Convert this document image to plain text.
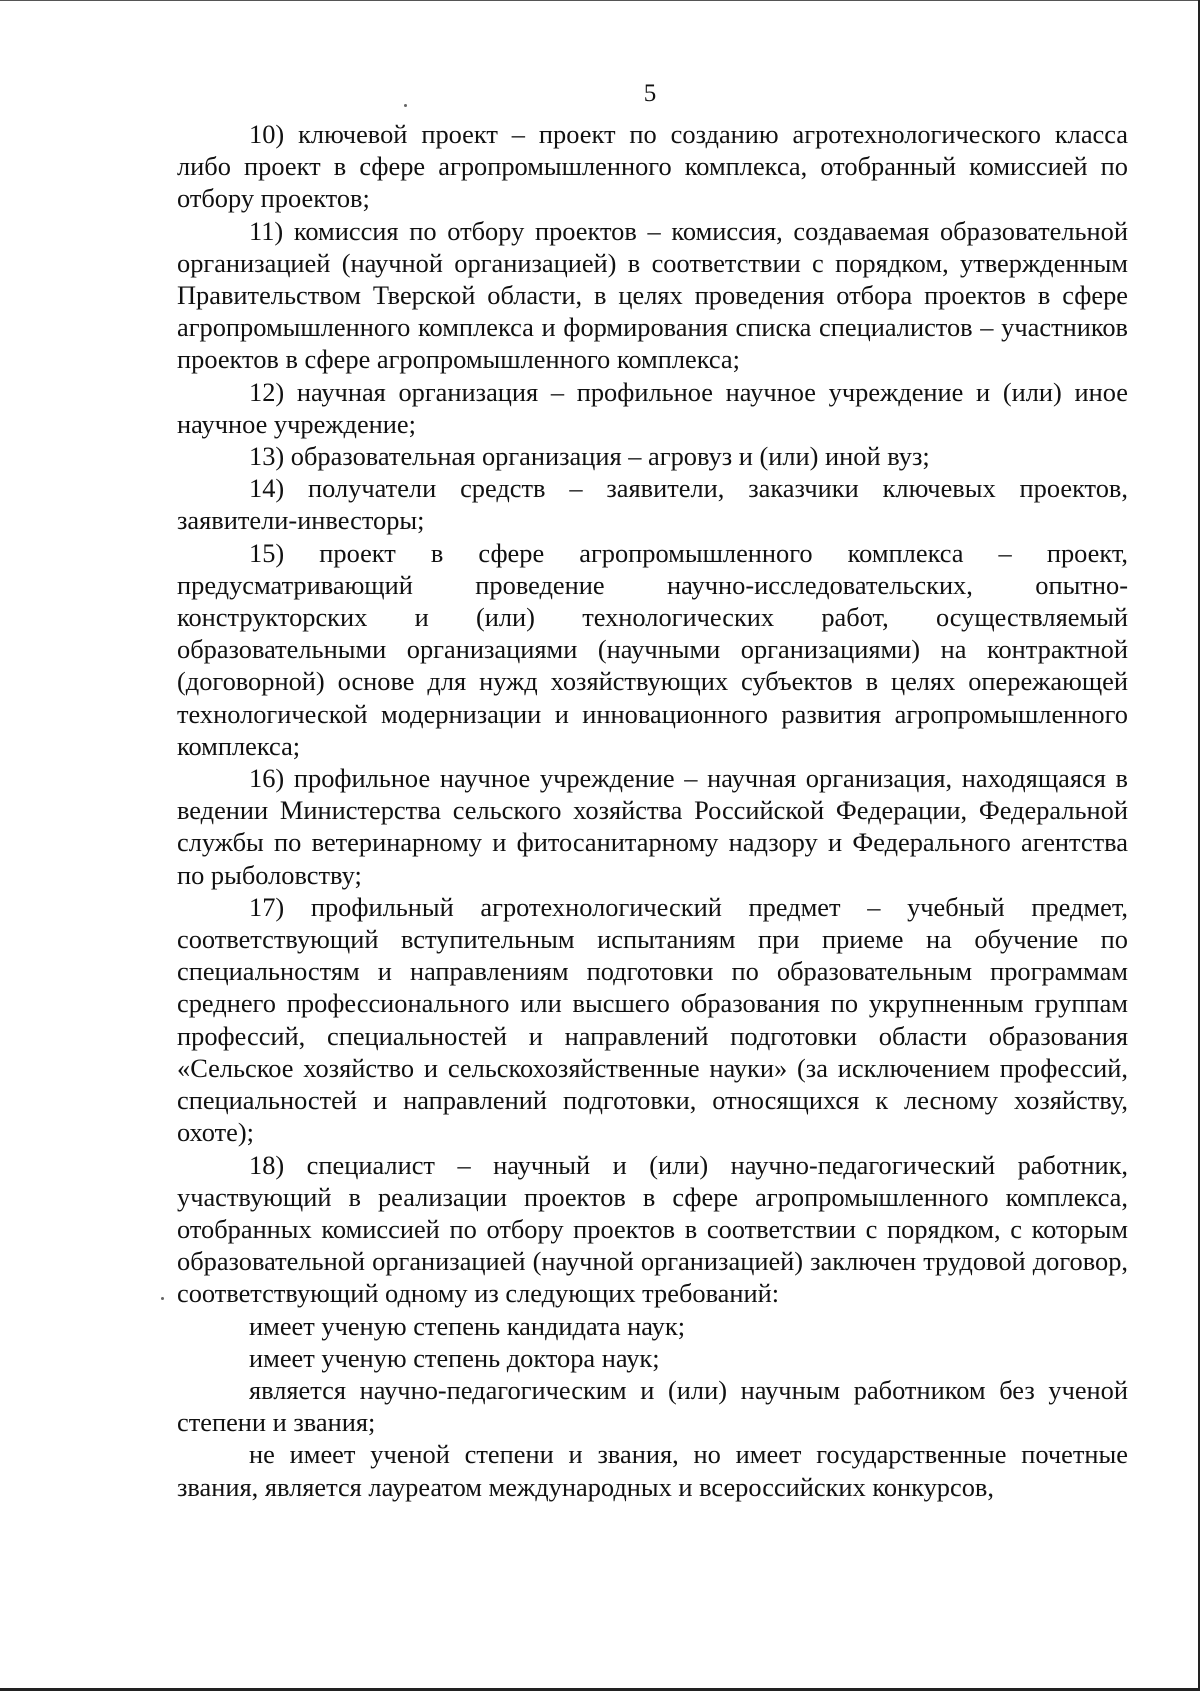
5

10) ключевой проект – проект по созданию агротехнологического класса либо проект в сфере агропромышленного комплекса, отобранный комиссией по отбору проектов;

11) комиссия по отбору проектов – комиссия, создаваемая образовательной организацией (научной организацией) в соответствии с порядком, утвержденным Правительством Тверской области, в целях проведения отбора проектов в сфере агропромышленного комплекса и формирования списка специалистов – участников проектов в сфере агропромышленного комплекса;

12) научная организация – профильное научное учреждение и (или) иное научное учреждение;

13) образовательная организация – агровуз и (или) иной вуз;

14) получатели средств – заявители, заказчики ключевых проектов, заявители-инвесторы;

15) проект в сфере агропромышленного комплекса – проект, предусматривающий проведение научно-исследовательских, опытно-конструкторских и (или) технологических работ, осуществляемый образовательными организациями (научными организациями) на контрактной (договорной) основе для нужд хозяйствующих субъектов в целях опережающей технологической модернизации и инновационного развития агропромышленного комплекса;

16) профильное научное учреждение – научная организация, находящаяся в ведении Министерства сельского хозяйства Российской Федерации, Федеральной службы по ветеринарному и фитосанитарному надзору и Федерального агентства по рыболовству;

17) профильный агротехнологический предмет – учебный предмет, соответствующий вступительным испытаниям при приеме на обучение по специальностям и направлениям подготовки по образовательным программам среднего профессионального или высшего образования по укрупненным группам профессий, специальностей и направлений подготовки области образования «Сельское хозяйство и сельскохозяйственные науки» (за исключением профессий, специальностей и направлений подготовки, относящихся к лесному хозяйству, охоте);

18) специалист – научный и (или) научно-педагогический работник, участвующий в реализации проектов в сфере агропромышленного комплекса, отобранных комиссией по отбору проектов в соответствии с порядком, с которым образовательной организацией (научной организацией) заключен трудовой договор, соответствующий одному из следующих требований:

имеет ученую степень кандидата наук;

имеет ученую степень доктора наук;

является научно-педагогическим и (или) научным работником без ученой степени и звания;

не имеет ученой степени и звания, но имеет государственные почетные звания, является лауреатом международных и всероссийских конкурсов,
